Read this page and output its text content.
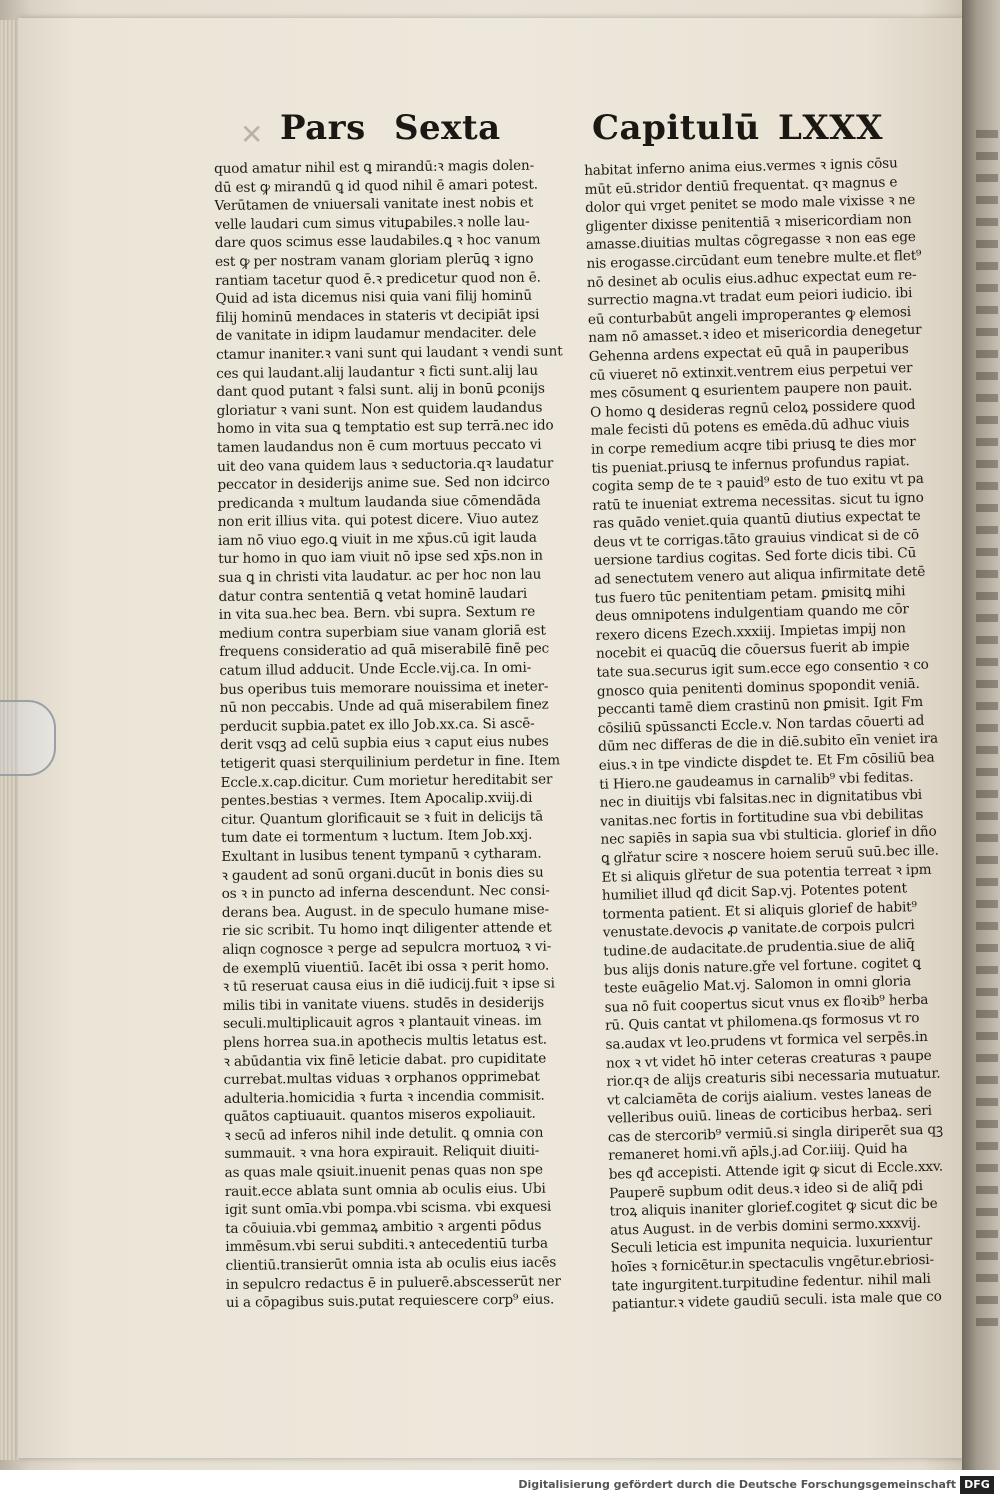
✕ Pars Sexta	Capitulū LXXX
quod amatur nihil est ꝗ mirandū:ꝛ magis dolen-
dū est ꝙ mirandū ꝗ id quod nihil ē amari potest.
Verūtamen de vniuersali vanitate inest nobis et
velle laudari cum simus vituꝑabiles.ꝛ nolle lau-
dare quos scimus esse laudabiles.ꝗ ꝛ hoc vanum
est ꝙ per nostram vanam gloriam plerūꝗ ꝛ igno
rantiam tacetur quod ē.ꝛ predicetur quod non ē.
Quid ad ista dicemus nisi quia vani filij hominū
filij hominū mendaces in stateris vt decipiāt ipsi
de vanitate in idipm laudamur mendaciter. dele
ctamur inaniter.ꝛ vani sunt qui laudant ꝛ vendi sunt
ces qui laudant.alij laudantur ꝛ ficti sunt.alij lau
dant quod putant ꝛ falsi sunt. alij in bonū ꝑconijs
gloriatur ꝛ vani sunt. Non est quidem laudandus
homo in vita sua ꝗ temptatio est sup terrā.nec ido
tamen laudandus non ē cum mortuus peccato vi
uit deo vana quidem laus ꝛ seductoria.qꝛ laudatur
peccator in desiderijs anime sue. Sed non idcirco
predicanda ꝛ multum laudanda siue cōmendāda
non erit illius vita. qui potest dicere. Viuo autez
iam nō viuo ego.ꝗ viuit in me xp̄us.cū igit lauda
tur homo in quo iam viuit nō ipse sed xp̄s.non in
sua ꝗ in christi vita laudatur. ac per hoc non lau
datur contra sententiā ꝗ vetat hominē laudari
in vita sua.hec bea. Bern. vbi supra. Sextum re
medium contra superbiam siue vanam gloriā est
frequens consideratio ad quā miserabilē finē pec
catum illud adducit. Unde Eccle.vij.ca. In omi-
bus operibus tuis memorare nouissima et ineter-
nū non peccabis. Unde ad quā miserabilem finez
perducit supbia.patet ex illo Job.xx.ca. Si ascē-
derit vsqꝫ ad celū supbia eius ꝛ caput eius nubes
tetigerit quasi sterquilinium perdetur in fine. Item
Eccle.x.cap.dicitur. Cum morietur hereditabit ser
pentes.bestias ꝛ vermes. Item Apocalip.xviij.di
citur. Quantum glorificauit se ꝛ fuit in delicijs tā
tum date ei tormentum ꝛ luctum. Item Job.xxj.
Exultant in lusibus tenent tympanū ꝛ cytharam.
ꝛ gaudent ad sonū organi.ducūt in bonis dies su
os ꝛ in puncto ad inferna descendunt. Nec consi-
derans bea. August. in de speculo humane mise-
rie sic scribit. Tu homo inqt diligenter attende et
aliqn cognosce ꝛ perge ad sepulcra mortuoꝝ ꝛ vi-
de exemplū viuentiū. Iacēt ibi ossa ꝛ perit homo.
ꝛ tū reseruat causa eius in diē iudicij.fuit ꝛ ipse si
milis tibi in vanitate viuens. studēs in desiderijs
seculi.multiplicauit agros ꝛ plantauit vineas. im
plens horrea sua.in apothecis multis letatus est.
ꝛ abūdantia vix finē leticie dabat. pro cupiditate
currebat.multas viduas ꝛ orphanos opprimebat
adulteria.homicidia ꝛ furta ꝛ incendia commisit.
quātos captiuauit. quantos miseros expoliauit.
ꝛ secū ad inferos nihil inde detulit. ꝗ omnia con
summauit. ꝛ vna hora expirauit. Reliquit diuiti-
as quas male qsiuit.inuenit penas quas non spe
rauit.ecce ablata sunt omnia ab oculis eius. Ubi
igit sunt omīa.vbi pompa.vbi scisma. vbi exquesi
ta cōuiuia.vbi gemmaꝝ ambitio ꝛ argenti pōdus
immēsum.vbi serui subditi.ꝛ antecedentiū turba
clientiū.transierūt omnia ista ab oculis eius iacēs
in sepulcro redactus ē in puluerē.abscesserūt ner
ui a cōpagibus suis.putat requiescere corp⁹ eius.
habitat inferno anima eius.vermes ꝛ ignis cōsu
mūt eū.stridor dentiū frequentat. qꝛ magnus e
dolor qui vrget penitet se modo male vixisse ꝛ ne
gligenter dixisse penitentiā ꝛ misericordiam non
amasse.diuitias multas cōgregasse ꝛ non eas ege
nis erogasse.circūdant eum tenebre multe.et flet⁹
nō desinet ab oculis eius.adhuc expectat eum re-
surrectio magna.vt tradat eum peiori iudicio. ibi
eū conturbabūt angeli improperantes ꝙ elemosi
nam nō amasset.ꝛ ideo et misericordia denegetur
Gehenna ardens expectat eū quā in pauperibus
cū viueret nō extinxit.ventrem eius perpetui ver
mes cōsument ꝗ esurientem paupere non pauit.
O homo ꝗ desideras regnū celoꝝ possidere quod
male fecisti dū potens es emēda.dū adhuc viuis
in corpe remedium acqre tibi priusꝗ te dies mor
tis pueniat.priusꝗ te infernus profundus rapiat.
cogita semp de te ꝛ pauid⁹ esto de tuo exitu vt pa
ratū te inueniat extrema necessitas. sicut tu igno
ras quādo veniet.quia quantū diutius expectat te
deus vt te corrigas.tāto grauius vindicat si de cō
uersione tardius cogitas. Sed forte dicis tibi. Cū
ad senectutem venero aut aliqua infirmitate detē
tus fuero tūc penitentiam petam. ꝑmisitꝗ mihi
deus omnipotens indulgentiam quando me cōr
rexero dicens Ezech.xxxiij. Impietas impij non
nocebit ei quacūꝗ die cōuersus fuerit ab impie
tate sua.securus igit sum.ecce ego consentio ꝛ co
gnosco quia penitenti dominus spopondit veniā.
peccanti tamē diem crastinū non ꝑmisit. Igit Fm
cōsiliū spūssancti Eccle.v. Non tardas cōuerti ad
dūm nec differas de die in diē.subito eīn veniet ira
eius.ꝛ in tpe vindicte disꝑdet te. Et Fm cōsiliū bea
ti Hiero.ne gaudeamus in carnalib⁹ vbi feditas.
nec in diuitijs vbi falsitas.nec in dignitatibus vbi
vanitas.nec fortis in fortitudine sua vbi debilitas
nec sapiēs in sapia sua vbi stulticia. glorief in dño
ꝗ glřatur scire ꝛ noscere hoiem seruū suū.bec ille.
Et si aliquis glřetur de sua potentia terreat ꝛ ipm
humiliet illud qđ dicit Sap.vj. Potentes potent
tormenta patient. Et si aliquis glorief de habit⁹
venustate.devocis ꝓ vanitate.de corpois pulcri
tudine.de audacitate.de prudentia.siue de aliq̄
bus alijs donis nature.gře vel fortune. cogitet ꝗ
teste euāgelio Mat.vj. Salomon in omni gloria
sua nō fuit coopertus sicut vnus ex floꝛib⁹ herba
rū. Quis cantat vt philomena.qs formosus vt ro
sa.audax vt leo.prudens vt formica vel serpēs.in
nox ꝛ vt videt hō inter ceteras creaturas ꝛ paupe
rior.qꝛ de alijs creaturis sibi necessaria mutuatur.
vt calciamēta de corijs aialium. vestes laneas de
velleribus ouiū. lineas de corticibus herbaꝝ. seri
cas de stercorib⁹ vermiū.si singla diriperēt sua qꝫ
remaneret homi.vñ ap̄ls.j.ad Cor.iiij. Quid ha
bes qđ accepisti. Attende igit ꝙ sicut di Eccle.xxv.
Pauperē supbum odit deus.ꝛ ideo si de aliq̄ pdi
troꝝ aliquis inaniter glorief.cogitet ꝙ sicut dic be
atus August. in de verbis domini sermo.xxxvij.
Seculi leticia est impunita nequicia. luxurientur
hoīes ꝛ fornicētur.in spectaculis vngētur.ebriosi-
tate ingurgitent.turpitudine fedentur. nihil mali
patiantur.ꝛ videte gaudiū seculi. ista male que co
Digitalisierung gefördert durch die Deutsche Forschungsgemeinschaft DFG
